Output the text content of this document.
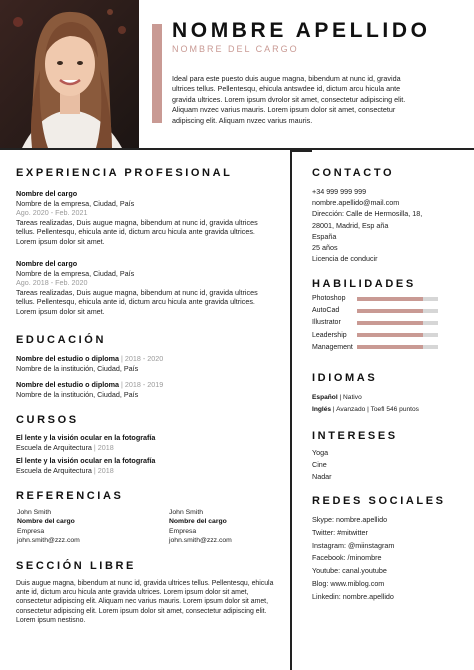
NOMBRE APELLIDO
NOMBRE DEL CARGO
Ideal para este puesto duis augue magna, bibendum at nunc id, gravida ultrices tellus. Pellentesqu, ehicula antswdee id, dictum arcu hicula ante gravida ultrices. Lorem ipsum dvrolor sit amet, consectetur adipiscing elit. Aliquam nvzec varius mauris. Lorem ipsum dolor sit amet, consectetur adipiscing elit. Aliquam nvzec varius mauris.
EXPERIENCIA PROFESIONAL
Nombre del cargo
Nombre de la empresa, Ciudad, País
Ago. 2020 - Feb. 2021
Tareas realizadas, Duis augue magna, bibendum at nunc id, gravida ultrices
tellus. Pellentesqu, ehicula ante id, dictum arcu hicula ante gravida ultrices.
Lorem ipsum dolor sit amet.
Nombre del cargo
Nombre de la empresa, Ciudad, País
Ago. 2018 - Feb. 2020
Tareas realizadas, Duis augue magna, bibendum at nunc id, gravida ultrices
tellus. Pellentesqu, ehicula ante id, dictum arcu hicula ante gravida ultrices.
Lorem ipsum dolor sit amet.
EDUCACIÓN
Nombre del estudio o diploma | 2018 - 2020
Nombre de la institución, Ciudad, País
Nombre del estudio o diploma | 2018 - 2019
Nombre de la institución, Ciudad, País
CURSOS
El lente y la visión ocular en la fotografía
Escuela de Arquitectura | 2018
El lente y la visión ocular en la fotografía
Escuela de Arquitectura | 2018
REFERENCIAS
John Smith
Nombre del cargo
Empresa
john.smith@zzz.com
John Smith
Nombre del cargo
Empresa
john.smith@zzz.com
SECCIÓN LIBRE
Duis augue magna, bibendum at nunc id, gravida ultrices tellus. Pellentesqu, ehicula
ante id, dictum arcu hicula ante gravida ultrices. Lorem ipsum dolor sit amet,
consectetur adipiscing elit. Aliquam nec varius mauris. Lorem ipsum dolor sit amet,
consectetur adipiscing elit. Lorem ipsum dolor sit amet, consectetur adipiscing elit.
Lorem ipsum nestisno.
CONTACTO
+34 999 999 999
nombre.apellido@mail.com
Dirección: Calle de Hermosilla, 18,
28001, Madrid, Esp aña
España
25 años
Licencia de conducir
HABILIDADES
Photoshop
AutoCad
Illustrator
Leadership
Management
IDIOMAS
Español | Nativo
Inglés | Avanzado | Toefl 546 puntos
INTERESES
Yoga
Cine
Nadar
REDES SOCIALES
Skype: nombre.apellido
Twitter: #mitwitter
Instagram: @miinstagram
Facebook: /minombre
Youtube: canal.youtube
Blog: www.miblog.com
Linkedin: nombre.apellido
